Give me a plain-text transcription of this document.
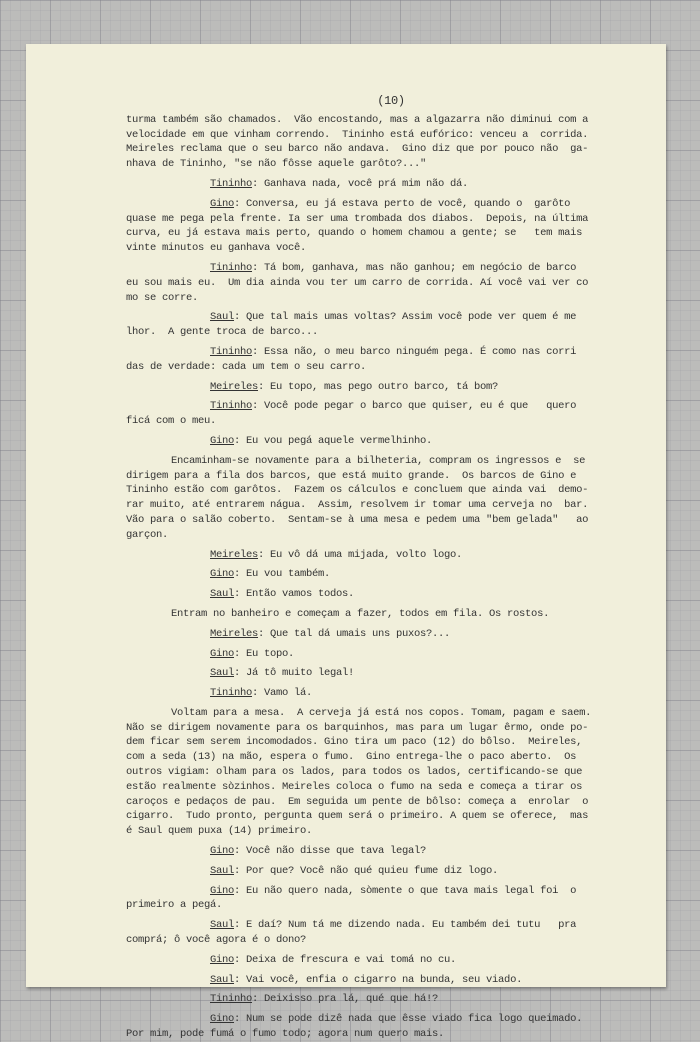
(10)

turma também são chamados.  Vão encostando, mas a algazarra não diminui com a

velocidade em que vinham correndo.  Tininho está eufórico: venceu a  corrida.

Meireles reclama que o seu barco não andava.  Gino diz que por pouco não  ga-

nhava de Tininho, "se não fôsse aquele garôto?..."

Tininho: Ganhava nada, você prá mim não dá.

Gino: Conversa, eu já estava perto de você, quando o  garôto

quase me pega pela frente. Ia ser uma trombada dos diabos.  Depois, na última

curva, eu já estava mais perto, quando o homem chamou a gente; se   tem mais

vinte minutos eu ganhava você.

Tininho: Tá bom, ganhava, mas não ganhou; em negócio de barco

eu sou mais eu.  Um dia ainda vou ter um carro de corrida. Aí você vai ver co

mo se corre.

Saul: Que tal mais umas voltas? Assim você pode ver quem é me

lhor.  A gente troca de barco...

Tininho: Essa não, o meu barco ninguém pega. É como nas corri

das de verdade: cada um tem o seu carro.

Meireles: Eu topo, mas pego outro barco, tá bom?

Tininho: Você pode pegar o barco que quiser, eu é que   quero

ficá com o meu.

Gino: Eu vou pegá aquele vermelhinho.

Encaminham-se novamente para a bilheteria, compram os ingressos e  se

dirigem para a fila dos barcos, que está muito grande.  Os barcos de Gino e

Tininho estão com garôtos.  Fazem os cálculos e concluem que ainda vai  demo-

rar muito, até entrarem nágua.  Assim, resolvem ir tomar uma cerveja no  bar.

Vão para o salão coberto.  Sentam-se à uma mesa e pedem uma "bem gelada"   ao

garçon.

Meireles: Eu vô dá uma mijada, volto logo.

Gino: Eu vou também.

Saul: Então vamos todos.

Entram no banheiro e começam a fazer, todos em fila. Os rostos.

Meireles: Que tal dá umais uns puxos?...

Gino: Eu topo.

Saul: Já tô muito legal!

Tininho: Vamo lá.

Voltam para a mesa.  A cerveja já está nos copos. Tomam, pagam e saem.

Não se dirigem novamente para os barquinhos, mas para um lugar êrmo, onde po-

dem ficar sem serem incomodados. Gino tira um paco (12) do bôlso.  Meireles,

com a seda (13) na mão, espera o fumo.  Gino entrega-lhe o paco aberto.  Os

outros vigiam: olham para os lados, para todos os lados, certificando-se que

estão realmente sòzinhos. Meireles coloca o fumo na seda e começa a tirar os

caroços e pedaços de pau.  Em seguida um pente de bôlso: começa a  enrolar  o

cigarro.  Tudo pronto, pergunta quem será o primeiro. A quem se oferece,  mas

é Saul quem puxa (14) primeiro.

Gino: Você não disse que tava legal?

Saul: Por que? Você não qué quieu fume diz logo.

Gino: Eu não quero nada, sòmente o que tava mais legal foi  o

primeiro a pegá.

Saul: E daí? Num tá me dizendo nada. Eu também dei tutu   pra

comprá; ô você agora é o dono?

Gino: Deixa de frescura e vai tomá no cu.

Saul: Vai você, enfia o cigarro na bunda, seu viado.

Tininho: Deixisso pra lá, qué que há!?

Gino: Num se pode dizê nada que êsse viado fica logo queimado.

Por mim, pode fumá o fumo todo; agora num quero mais.
